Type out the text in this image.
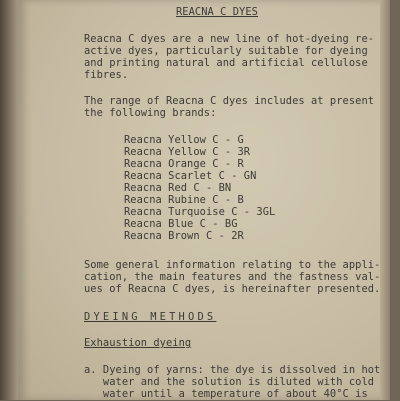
REACNA C DYES
Reacna C dyes are a new line of hot-dyeing re-
active dyes, particularly suitable for dyeing
and printing natural and artificial cellulose
fibres.
The range of Reacna C dyes includes at present
the following brands:
Reacna Yellow C - G
Reacna Yellow C - 3R
Reacna Orange C - R
Reacna Scarlet C - GN
Reacna Red C - BN
Reacna Rubine C - B
Reacna Turquoise C - 3GL
Reacna Blue C - BG
Reacna Brown C - 2R
Some general information relating to the appli-
cation, the main features and the fastness val-
ues of Reacna C dyes, is hereinafter presented.
DYEING METHODS
Exhaustion dyeing
a. Dyeing of yarns: the dye is dissolved in hot
water and the solution is diluted with cold
water until a temperature of about 40°C is
